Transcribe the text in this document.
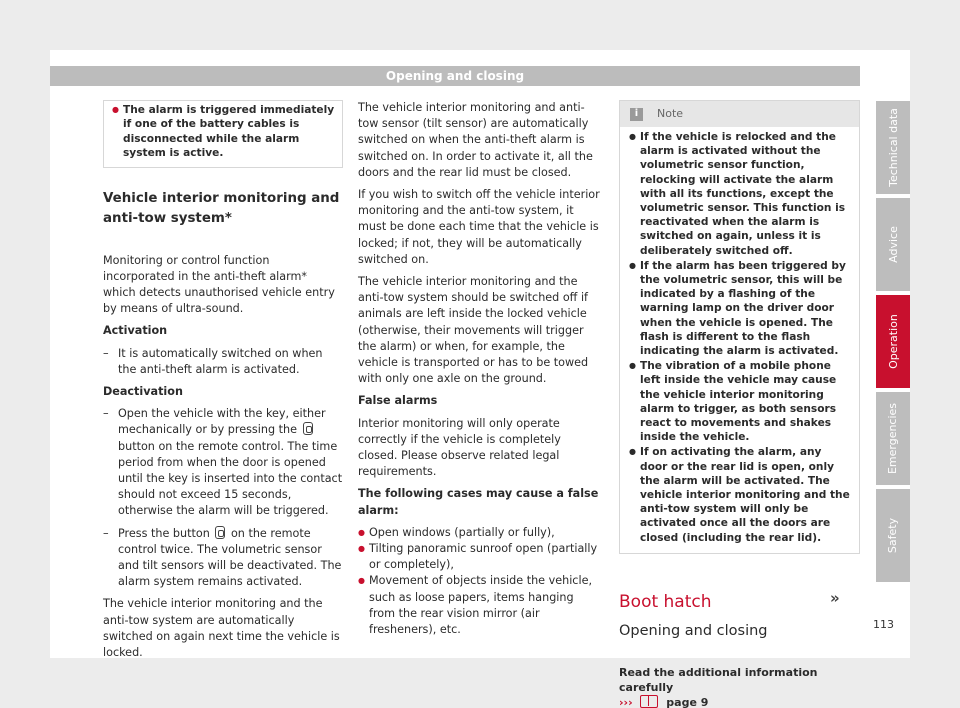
Opening and closing
● The alarm is triggered immediately if one of the battery cables is disconnected while the alarm system is active.
Vehicle interior monitoring and anti-tow system*

Monitoring or control function incorporated in the anti-theft alarm* which detects unauthorised vehicle entry by means of ultra-sound.

Activation

– It is automatically switched on when the anti-theft alarm is activated.

Deactivation

– Open the vehicle with the key, either mechanically or by pressing the  button on the remote control. The time period from when the door is opened until the key is inserted into the contact should not exceed 15 seconds, otherwise the alarm will be triggered.

– Press the button on the remote control twice. The volumetric sensor and tilt sensors will be deactivated. The alarm system remains activated.

The vehicle interior monitoring and the anti-tow system are automatically switched on again next time the vehicle is locked.

The vehicle interior monitoring and anti-tow sensor (tilt sensor) are automatically switched on when the anti-theft alarm is switched on. In order to activate it, all the doors and the rear lid must be closed.

If you wish to switch off the vehicle interior monitoring and the anti-tow system, it must be done each time that the vehicle is locked; if not, they will be automatically switched on.

The vehicle interior monitoring and the anti-tow system should be switched off if animals are left inside the locked vehicle (otherwise, their movements will trigger the alarm) or when, for example, the vehicle is transported or has to be towed with only one axle on the ground.

False alarms

Interior monitoring will only operate correctly if the vehicle is completely closed. Please observe related legal requirements.

The following cases may cause a false alarm:

● Open windows (partially or fully),
● Tilting panoramic sunroof open (partially or completely),
● Movement of objects inside the vehicle, such as loose papers, items hanging from the rear vision mirror (air fresheners), etc.
i	Note
● If the vehicle is relocked and the alarm is activated without the volumetric sensor function, relocking will activate the alarm with all its functions, except the volumetric sensor. This function is reactivated when the alarm is switched on again, unless it is deliberately switched off.
● If the alarm has been triggered by the volumetric sensor, this will be indicated by a flashing of the warning lamp on the driver door when the vehicle is opened. The flash is different to the flash indicating the alarm is activated.
● The vibration of a mobile phone left inside the vehicle may cause the vehicle interior monitoring alarm to trigger, as both sensors react to movements and shakes inside the vehicle.
● If on activating the alarm, any door or the rear lid is open, only the alarm will be activated. The vehicle interior monitoring and the anti-tow system will only be activated once all the doors are closed (including the rear lid).
Boot hatch
Opening and closing
Read the additional information carefully
›››	page 9
»
113
Technical data
Advice
Operation
Emergencies
Safety
